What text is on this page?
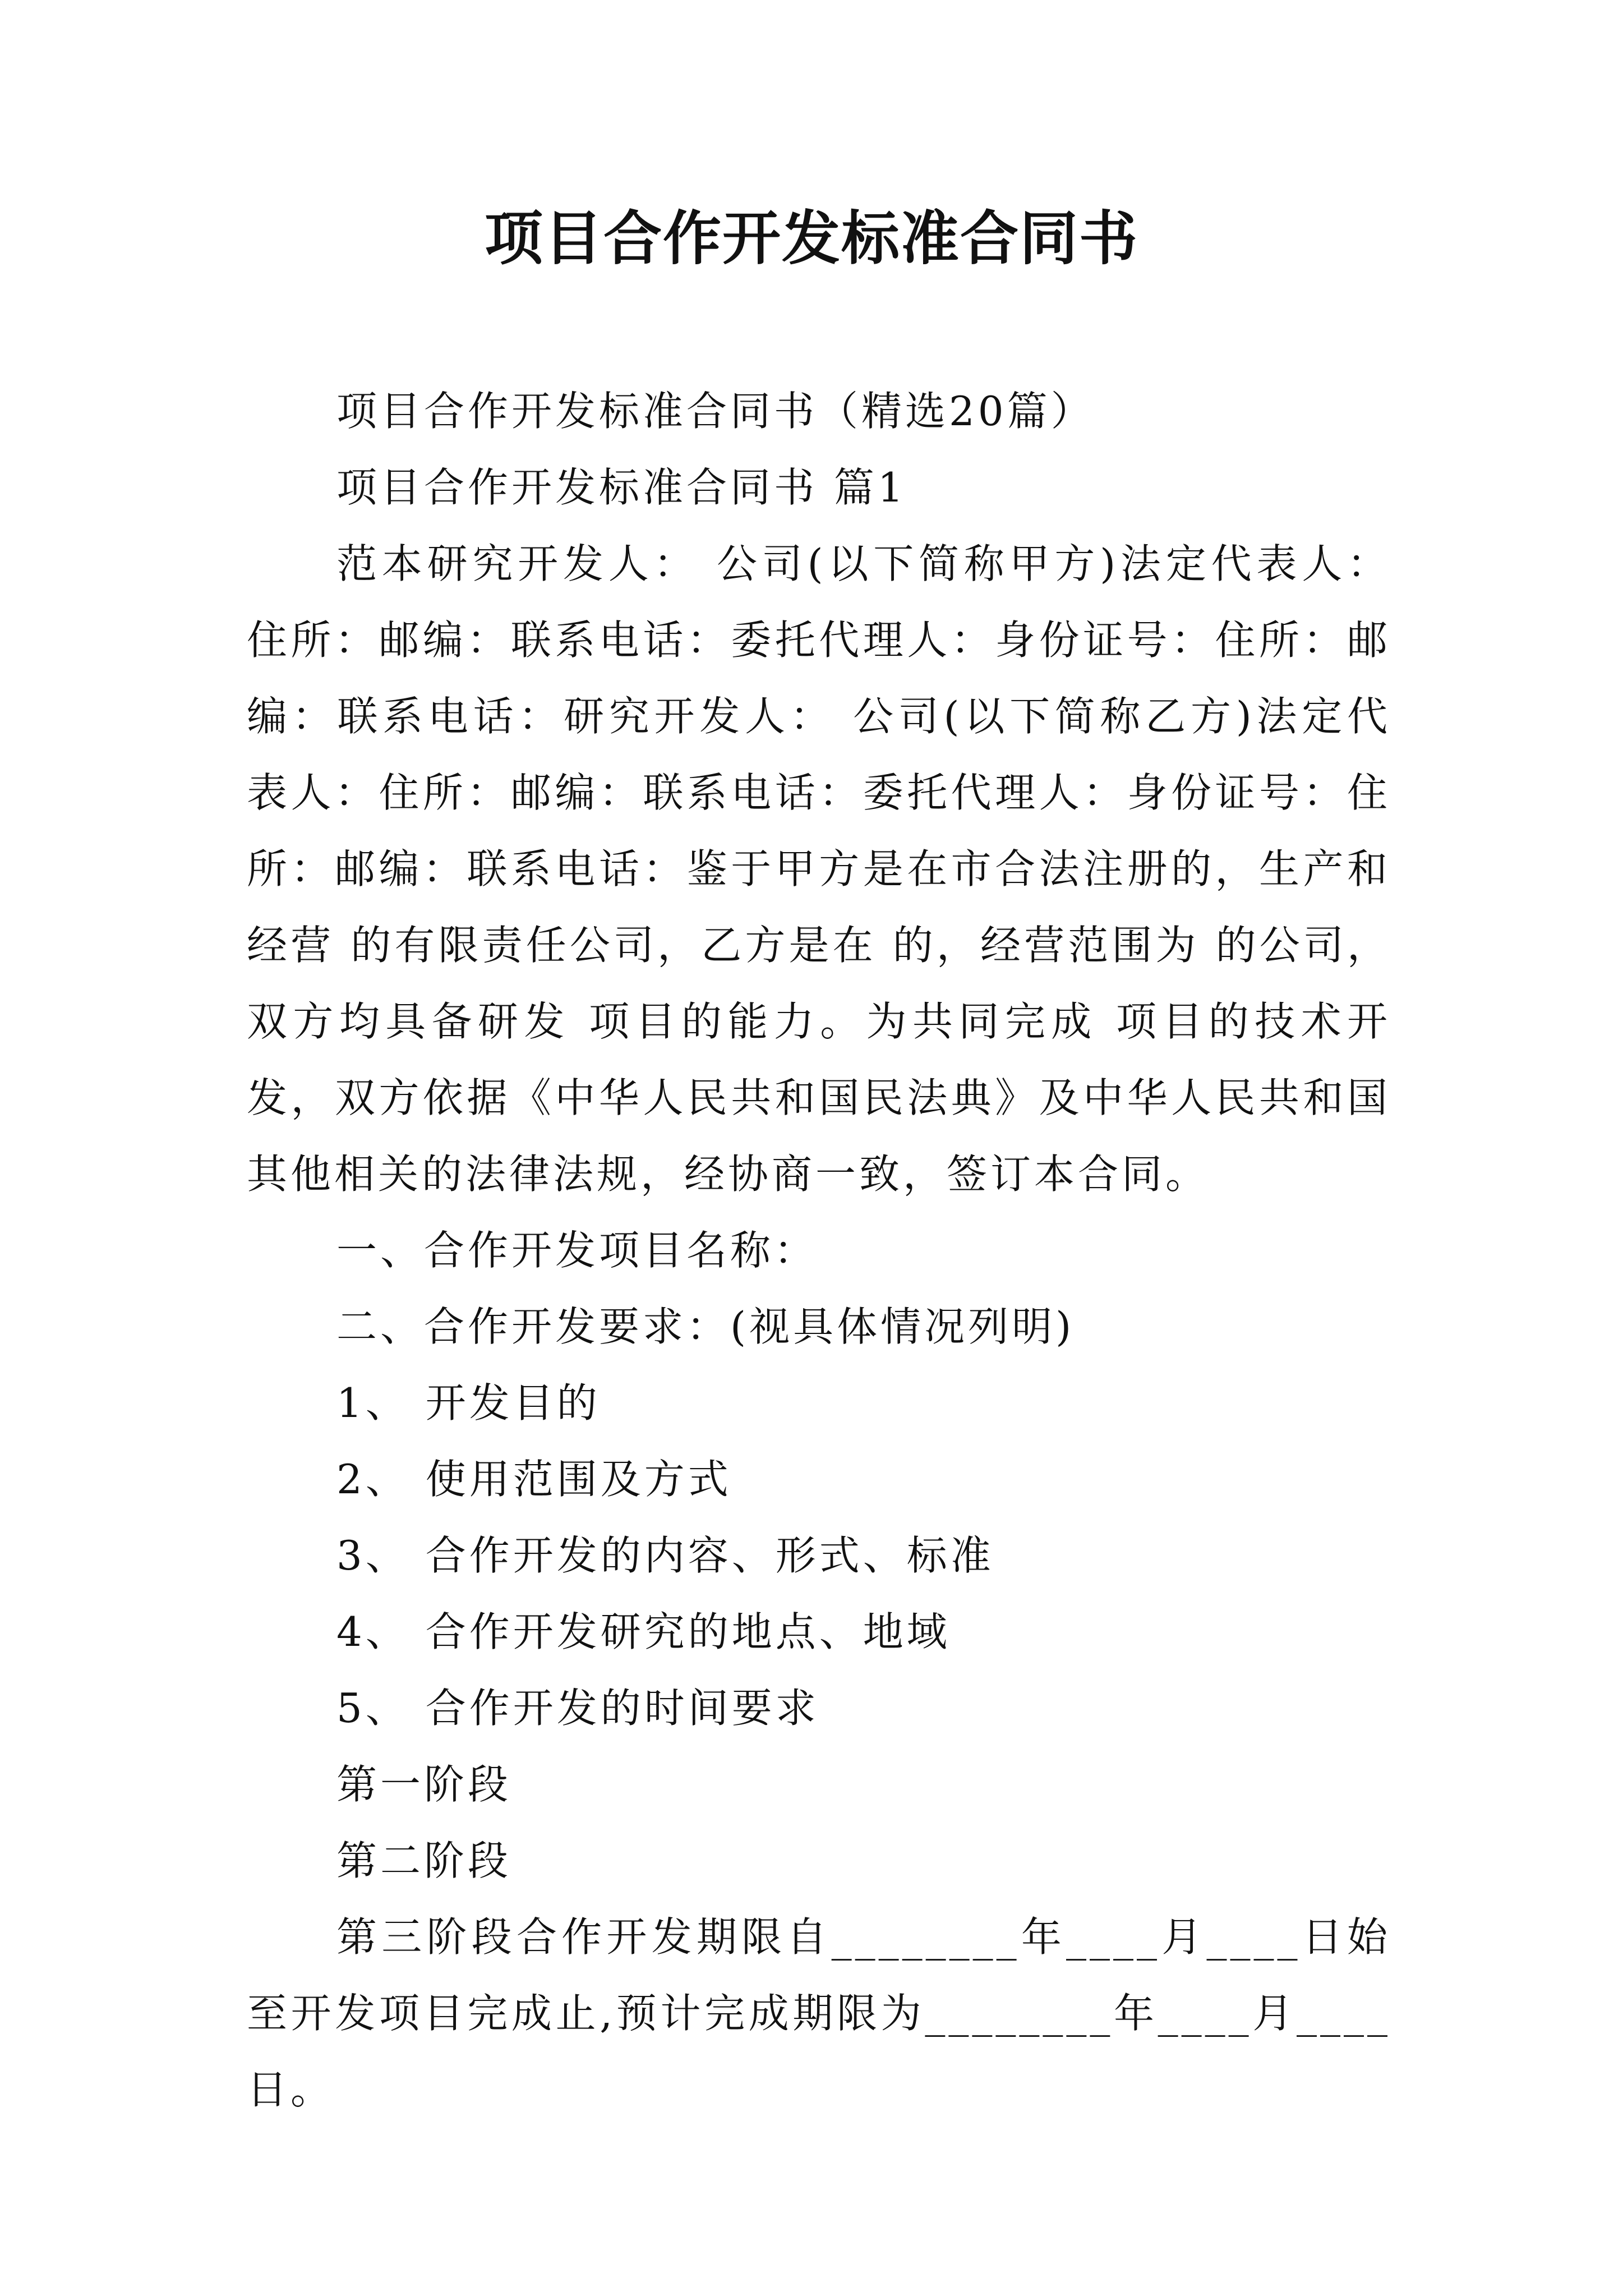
项目合作开发标准合同书

项目合作开发标准合同书（精选20篇）

项目合作开发标准合同书 篇1

范本研究开发人： 公司(以下简称甲方)法定代表人：住所：邮编：联系电话：委托代理人：身份证号：住所：邮编：联系电话：研究开发人： 公司(以下简称乙方)法定代表人：住所：邮编：联系电话：委托代理人：身份证号：住所：邮编：联系电话：鉴于甲方是在市合法注册的，生产和经营 的有限责任公司，乙方是在 的，经营范围为 的公司，双方均具备研发 项目的能力。为共同完成 项目的技术开发，双方依据《中华人民共和国民法典》及中华人民共和国其他相关的法律法规，经协商一致，签订本合同。

一、合作开发项目名称：

二、合作开发要求：(视具体情况列明)

1、 开发目的

2、 使用范围及方式

3、 合作开发的内容、形式、标准

4、 合作开发研究的地点、地域

5、 合作开发的时间要求

第一阶段

第二阶段

第三阶段合作开发期限自________年____月____日始至开发项目完成止,预计完成期限为________年____月____日。
